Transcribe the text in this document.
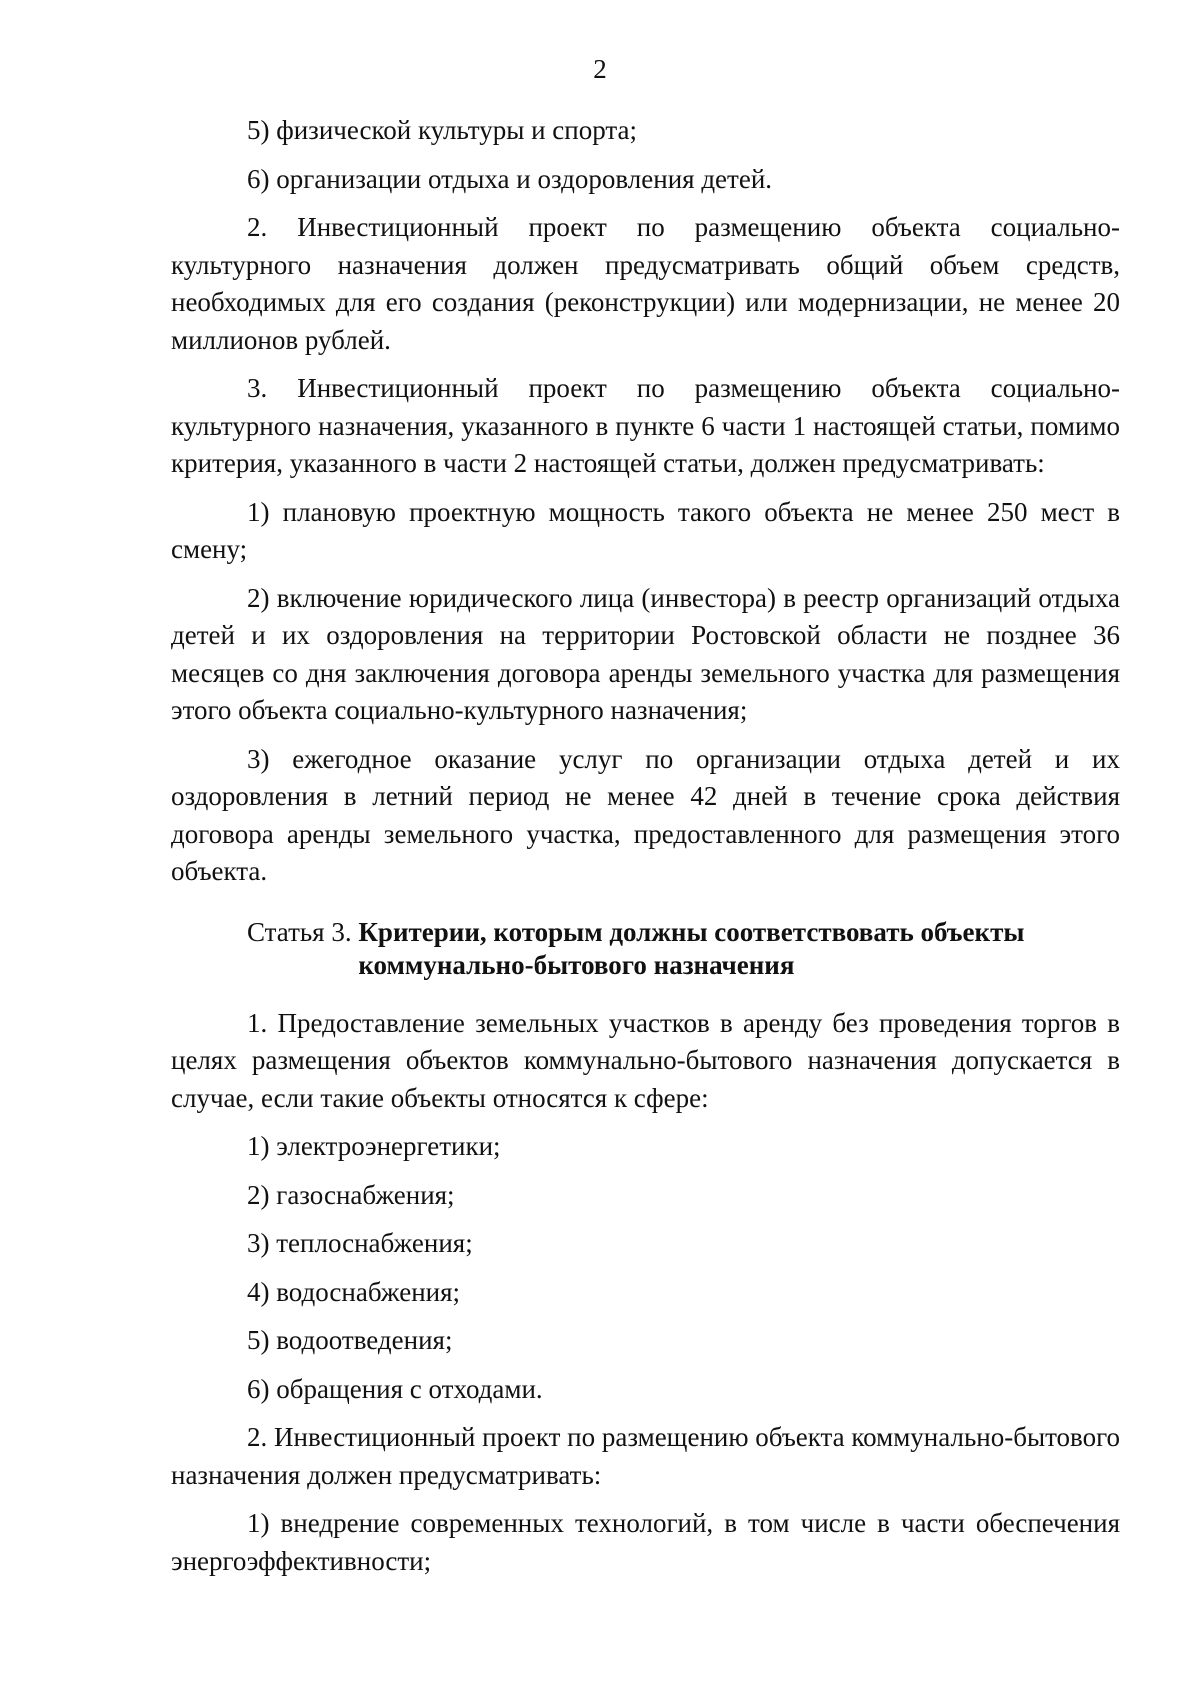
2

5) физической культуры и спорта;

6) организации отдыха и оздоровления детей.

2. Инвестиционный проект по размещению объекта социально-культурного назначения должен предусматривать общий объем средств, необходимых для его создания (реконструкции) или модернизации, не менее 20 миллионов рублей.

3. Инвестиционный проект по размещению объекта социально-культурного назначения, указанного в пункте 6 части 1 настоящей статьи, помимо критерия, указанного в части 2 настоящей статьи, должен предусматривать:

1) плановую проектную мощность такого объекта не менее 250 мест в смену;

2) включение юридического лица (инвестора) в реестр организаций отдыха детей и их оздоровления на территории Ростовской области не позднее 36 месяцев со дня заключения договора аренды земельного участка для размещения этого объекта социально-культурного назначения;

3) ежегодное оказание услуг по организации отдыха детей и их оздоровления в летний период не менее 42 дней в течение срока действия договора аренды земельного участка, предоставленного для размещения этого объекта.

Статья 3. Критерии, которым должны соответствовать объекты коммунально-бытового назначения

1. Предоставление земельных участков в аренду без проведения торгов в целях размещения объектов коммунально-бытового назначения допускается в случае, если такие объекты относятся к сфере:

1) электроэнергетики;

2) газоснабжения;

3) теплоснабжения;

4) водоснабжения;

5) водоотведения;

6) обращения с отходами.

2. Инвестиционный проект по размещению объекта коммунально-бытового назначения должен предусматривать:

1) внедрение современных технологий, в том числе в части обеспечения энергоэффективности;
